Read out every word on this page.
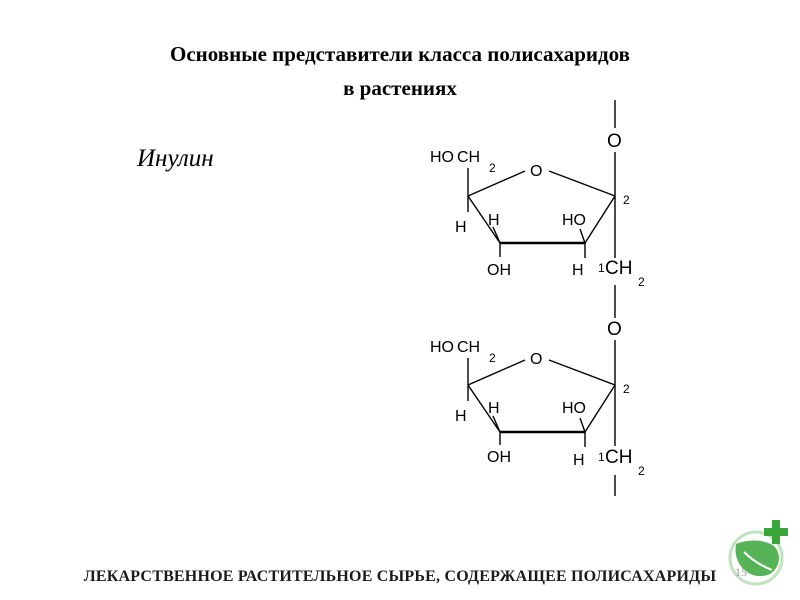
Основные представители класса полисахаридов
в растениях
Инулин
O
O
HO CH
2 O
2
H H
OH
HO
H 1 CH
2
HO CH
2 O
2
H H
OH
HO
H 1 CH
2
15
ЛЕКАРСТВЕННОЕ РАСТИТЕЛЬНОЕ СЫРЬЕ, СОДЕРЖАЩЕЕ ПОЛИСАХАРИДЫ
